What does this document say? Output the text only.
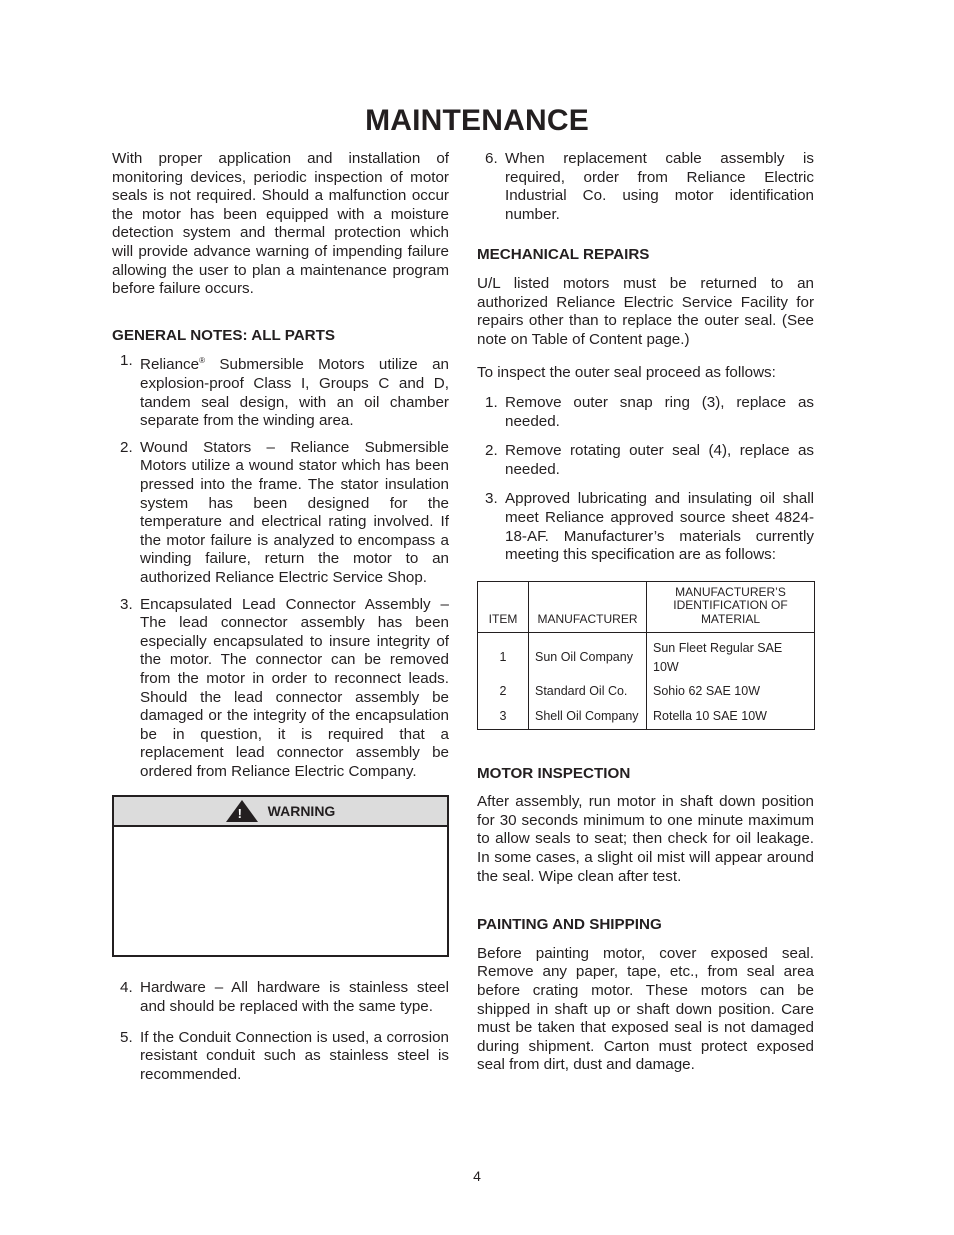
MAINTENANCE

With proper application and installation of monitoring devices, periodic inspection of motor seals is not required. Should a malfunction occur the motor has been equipped with a moisture detection system and thermal protection which will provide advance warning of impending failure allowing the user to plan a maintenance program before failure occurs.

GENERAL NOTES: ALL PARTS
1. Reliance® Submersible Motors utilize an explosion-proof Class I, Groups C and D, tandem seal design, with an oil chamber separate from the winding area.
2. Wound Stators – Reliance Submersible Motors utilize a wound stator which has been pressed into the frame. The stator insulation system has been designed for the temperature and electrical rating involved. If the motor failure is analyzed to encompass a winding failure, return the motor to an authorized Reliance Electric Service Shop.
3. Encapsulated Lead Connector Assembly – The lead connector assembly has been especially encapsulated to insure integrity of the motor. The connector can be removed from the motor in order to reconnect leads. Should the lead connector assembly be damaged or the integrity of the encapsulation be in question, it is required that a replacement lead connector assembly be ordered from Reliance Electric Company.
! WARNING
4. Hardware – All hardware is stainless steel and should be replaced with the same type.
5. If the Conduit Connection is used, a corrosion resistant conduit such as stainless steel is recommended.
6. When replacement cable assembly is required, order from Reliance Electric Industrial Co. using motor identification number.
MECHANICAL REPAIRS

U/L listed motors must be returned to an authorized Reliance Electric Service Facility for repairs other than to replace the outer seal. (See note on Table of Content page.)

To inspect the outer seal proceed as follows:

1. Remove outer snap ring (3), replace as needed.
2. Remove rotating outer seal (4), replace as needed.
3. Approved lubricating and insulating oil shall meet Reliance approved source sheet 4824-18-AF. Manufacturer’s materials currently meeting this specification are as follows:
ITEM	MANUFACTURER	MANUFACTURER’S IDENTIFICATION OF MATERIAL
1	Sun Oil Company	Sun Fleet Regular SAE 10W
2	Standard Oil Co.	Sohio 62 SAE 10W
3	Shell Oil Company	Rotella 10 SAE 10W
MOTOR INSPECTION

After assembly, run motor in shaft down position for 30 seconds minimum to one minute maximum to allow seals to seat; then check for oil leakage. In some cases, a slight oil mist will appear around the seal. Wipe clean after test.

PAINTING AND SHIPPING

Before painting motor, cover exposed seal. Remove any paper, tape, etc., from seal area before crating motor. These motors can be shipped in shaft up or shaft down position. Care must be taken that exposed seal is not damaged during shipment. Carton must protect exposed seal from dirt, dust and damage.

4
